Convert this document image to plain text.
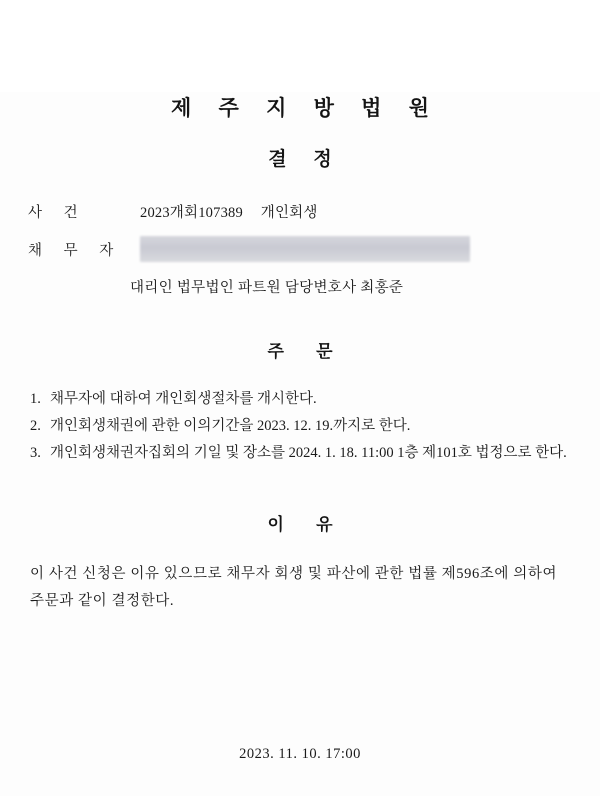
제 주 지 방 법 원
결 정
사 건	2023개회107389 개인회생
채 무 자
대리인 법무법인 파트원 담당변호사 최홍준
주 문
1. 채무자에 대하여 개인회생절차를 개시한다.
2. 개인회생채권에 관한 이의기간을 2023. 12. 19.까지로 한다.
3. 개인회생채권자집회의 기일 및 장소를 2024. 1. 18. 11:00 1층 제101호 법정으로 한다.
이 유

이 사건 신청은 이유 있으므로 채무자 회생 및 파산에 관한 법률 제596조에 의하여 주문과 같이 결정한다.

2023. 11. 10. 17:00
